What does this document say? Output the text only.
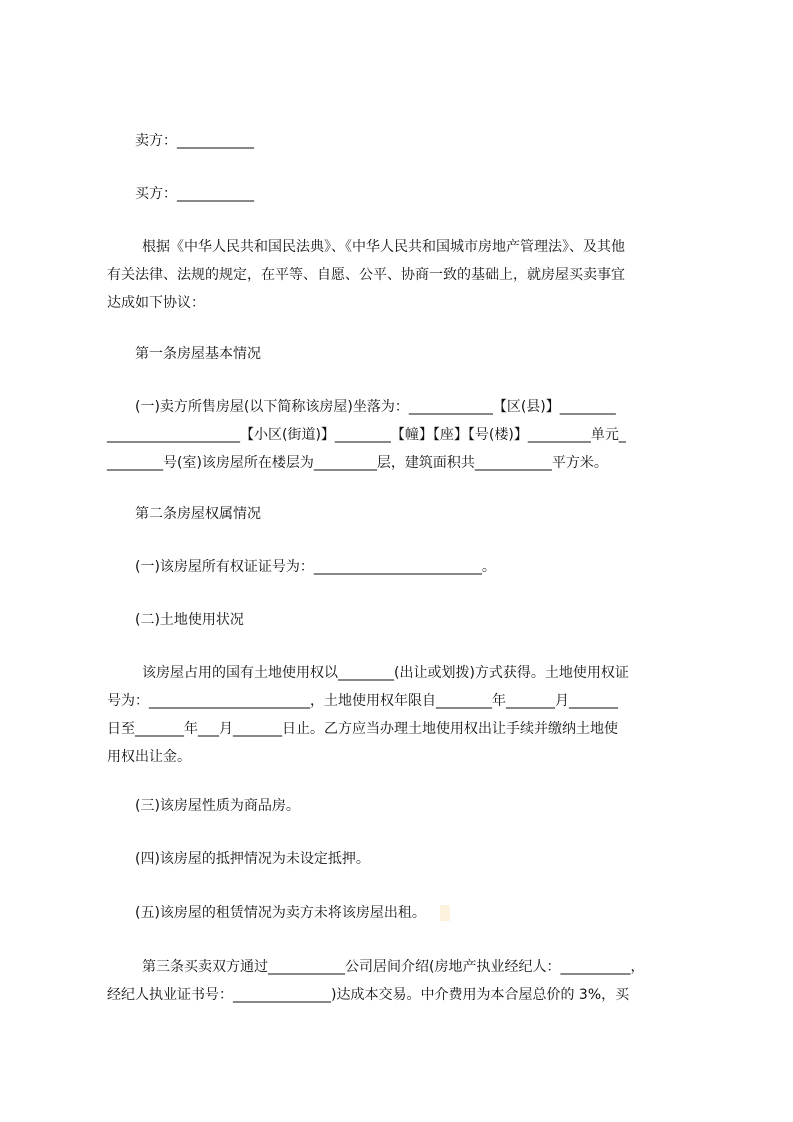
卖方：___________

买方：___________

根据《中华人民共和国民法典》、《中华人民共和国城市房地产管理法》、及其他
有关法律、法规的规定，在平等、自愿、公平、协商一致的基础上，就房屋买卖事宜
达成如下协议：

第一条房屋基本情况

(一)卖方所售房屋(以下简称该房屋)坐落为：____________【区(县)】________
___________________【小区(街道)】________【幢】【座】【号(楼)】_________单元_
________号(室)该房屋所在楼层为_________层，建筑面积共___________平方米。

第二条房屋权属情况

(一)该房屋所有权证证号为：________________________。

(二)土地使用状况

该房屋占用的国有土地使用权以________(出让或划拨)方式获得。土地使用权证
号为：_______________________，土地使用权年限自________年_______月_______
日至_______年___月_______日止。乙方应当办理土地使用权出让手续并缴纳土地使
用权出让金。

(三)该房屋性质为商品房。

(四)该房屋的抵押情况为未设定抵押。

(五)该房屋的租赁情况为卖方未将该房屋出租。

第三条买卖双方通过___________公司居间介绍(房地产执业经纪人：__________，
经纪人执业证书号：______________)达成本交易。中介费用为本合屋总价的 3%，买
